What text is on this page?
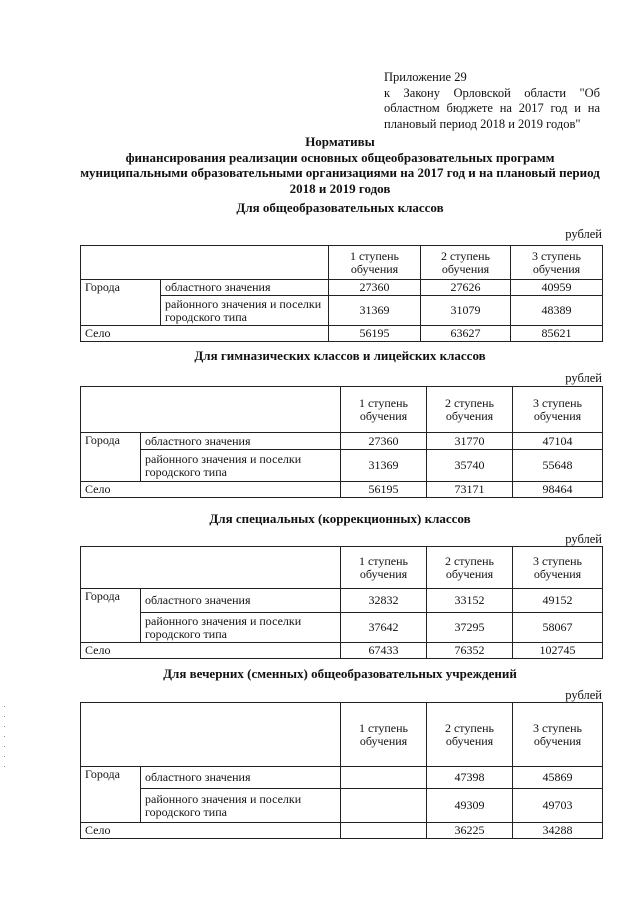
Приложение 29

к Закону Орловской области "Об

областном бюджете на 2017 год и на

плановый период 2018 и 2019 годов"

Нормативы

финансирования реализации основных общеобразовательных программ

муниципальными образовательными организациями на 2017 год и на плановый период

2018 и 2019 годов

Для общеобразовательных классов
рублей
		1 ступень обучения	2 ступень обучения	3 ступень обучения
Города	областного значения	27360	27626	40959
	районного значения и поселки городского типа	31369	31079	48389
Село		56195	63627	85621
Для гимназических классов и лицейских классов
рублей
		1 ступень обучения	2 ступень обучения	3 ступень обучения
Города	областного значения	27360	31770	47104
	районного значения и поселки городского типа	31369	35740	55648
Село		56195	73171	98464
Для специальных (коррекционных) классов
рублей
		1 ступень обучения	2 ступень обучения	3 ступень обучения
Города	областного значения	32832	33152	49152
	районного значения и поселки городского типа	37642	37295	58067
Село		67433	76352	102745
Для вечерних (сменных) общеобразовательных учреждений
рублей
		1 ступень обучения	2 ступень обучения	3 ступень обучения
Города	областного значения		47398	45869
	районного значения и поселки городского типа		49309	49703
Село			36225	34288
